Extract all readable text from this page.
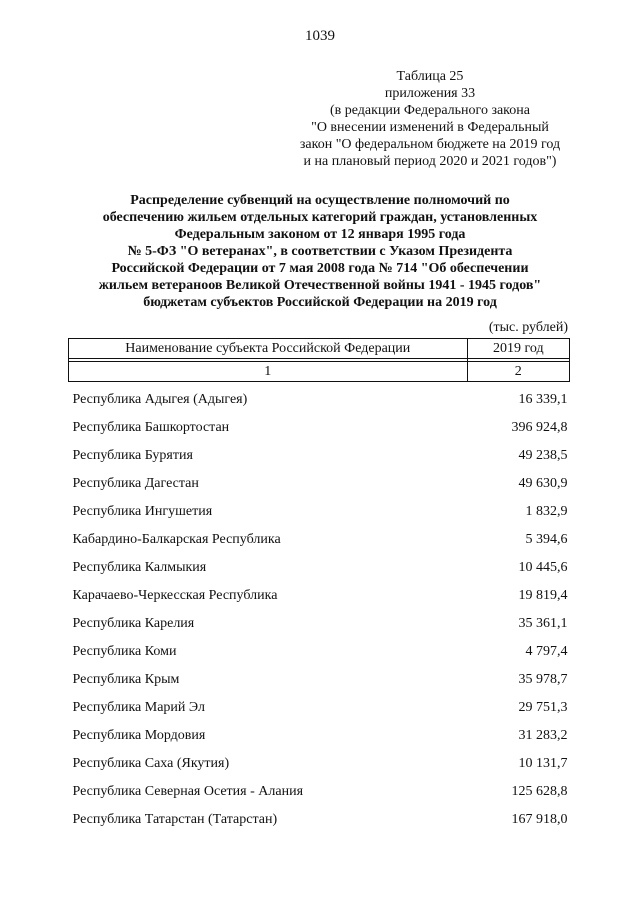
1039
Таблица 25
приложения 33
(в редакции Федерального закона
"О внесении изменений в Федеральный
закон "О федеральном бюджете на 2019 год
и на плановый период 2020 и 2021 годов")
Распределение субвенций на осуществление полномочий по
обеспечению жильем отдельных категорий граждан, установленных
Федеральным законом от 12 января 1995 года
№ 5-ФЗ "О ветеранах", в соответствии с Указом Президента
Российской Федерации от 7 мая 2008 года № 714 "Об обеспечении
жильем ветераноов Великой Отечественной войны 1941 - 1945 годов"
бюджетам субъектов Российской Федерации на 2019 год
(тыс. рублей)
Наименование субъекта Российской Федерации	2019 год

1	2
Республика Адыгея (Адыгея)	16 339,1
Республика Башкортостан	396 924,8
Республика Бурятия	49 238,5
Республика Дагестан	49 630,9
Республика Ингушетия	1 832,9
Кабардино-Балкарская Республика	5 394,6
Республика Калмыкия	10 445,6
Карачаево-Черкесская Республика	19 819,4
Республика Карелия	35 361,1
Республика Коми	4 797,4
Республика Крым	35 978,7
Республика Марий Эл	29 751,3
Республика Мордовия	31 283,2
Республика Саха (Якутия)	10 131,7
Республика Северная Осетия - Алания	125 628,8
Республика Татарстан (Татарстан)	167 918,0
